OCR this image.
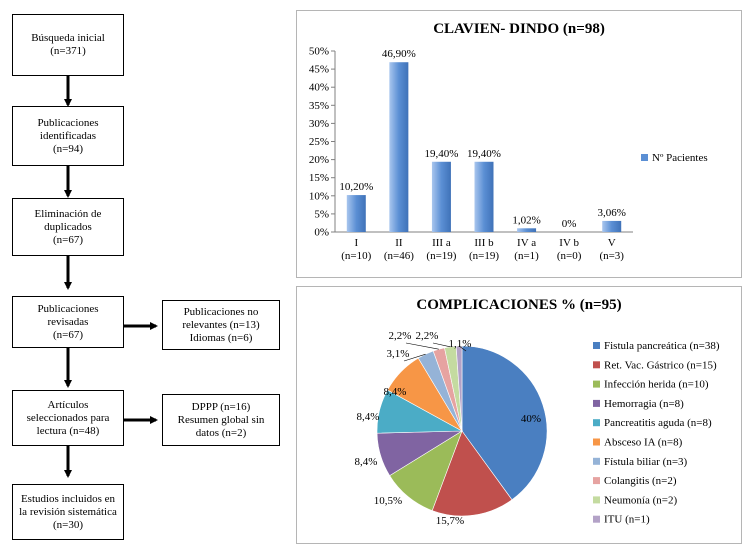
Búsqueda inicial
(n=371)
Publicaciones
identificadas
(n=94)
Eliminación de
duplicados
(n=67)
Publicaciones
revisadas
(n=67)
Artículos
seleccionados para
lectura (n=48)
Estudios incluidos en
la revisión sistemática
(n=30)
Publicaciones no
relevantes (n=13)
Idiomas (n=6)
DPPP (n=16)
Resumen global sin
datos (n=2)
CLAVIEN- DINDO (n=98)
0%
5%
10%
15%
20%
25%
30%
35%
40%
45%
50%
10,20%
I
(n=10)
46,90%
II
(n=46)
19,40%
III a
(n=19)
19,40%
III b
(n=19)
1,02%
IV a
(n=1)
0%
IV b
(n=0)
3,06%
V
(n=3)
Nº Pacientes
COMPLICACIONES % (n=95)
40%
15,7%
10,5%
8,4%
8,4%
8,4%
3,1%
2,2% 2,2%
1,1%	Fistula pancreática (n=38)
Ret. Vac. Gástrico (n=15)
Infección herida (n=10)
Hemorragia (n=8)
Pancreatitis aguda (n=8)
Absceso IA (n=8)
Fístula biliar (n=3)
Colangitis (n=2)
Neumonía (n=2)
ITU (n=1)
